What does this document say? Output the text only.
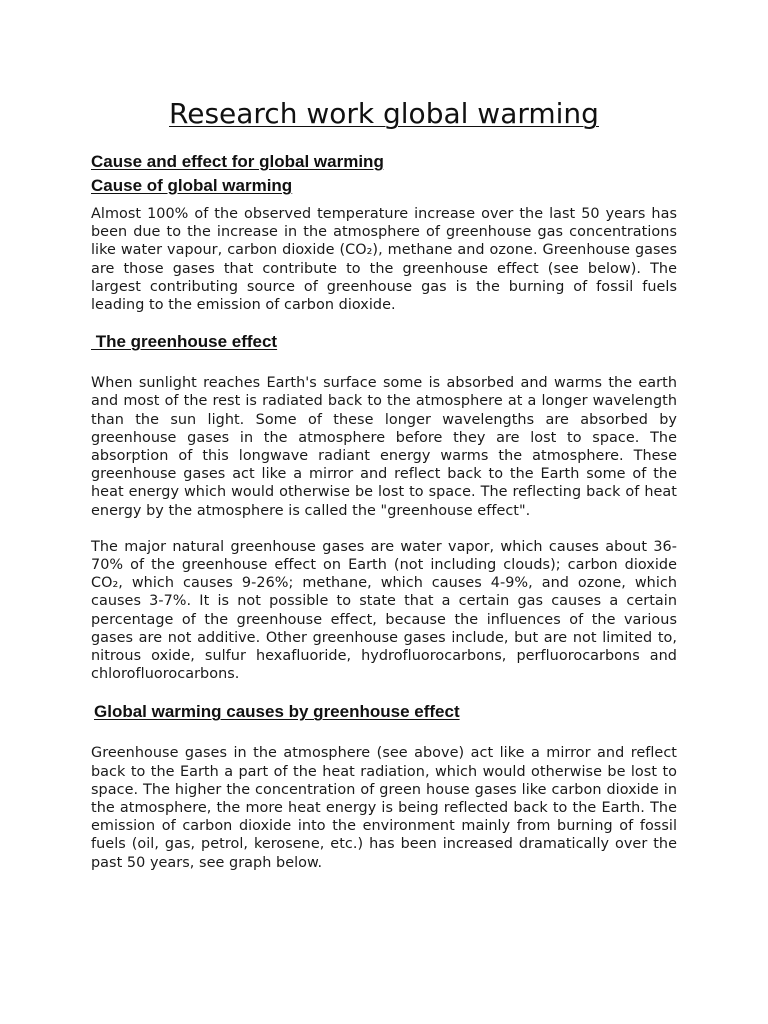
Research work global warming

Cause and effect for global warming

Cause of global warming

Almost 100% of the observed temperature increase over the last 50 years has been due to the increase in the atmosphere of greenhouse gas concentrations like water vapour, carbon dioxide (CO₂), methane and ozone. Greenhouse gases are those gases that contribute to the greenhouse effect (see below). The largest contributing source of greenhouse gas is the burning of fossil fuels leading to the emission of carbon dioxide.

The greenhouse effect

When sunlight reaches Earth's surface some is absorbed and warms the earth and most of the rest is radiated back to the atmosphere at a longer wavelength than the sun light. Some of these longer wavelengths are absorbed by greenhouse gases in the atmosphere before they are lost to space. The absorption of this longwave radiant energy warms the atmosphere. These greenhouse gases act like a mirror and reflect back to the Earth some of the heat energy which would otherwise be lost to space. The reflecting back of heat energy by the atmosphere is called the "greenhouse effect".

The major natural greenhouse gases are water vapor, which causes about 36-70% of the greenhouse effect on Earth (not including clouds); carbon dioxide CO₂, which causes 9-26%; methane, which causes 4-9%, and ozone, which causes 3-7%. It is not possible to state that a certain gas causes a certain percentage of the greenhouse effect, because the influences of the various gases are not additive. Other greenhouse gases include, but are not limited to, nitrous oxide, sulfur hexafluoride, hydrofluorocarbons, perfluorocarbons and chlorofluorocarbons.

Global warming causes by greenhouse effect

Greenhouse gases in the atmosphere (see above) act like a mirror and reflect back to the Earth a part of the heat radiation, which would otherwise be lost to space. The higher the concentration of green house gases like carbon dioxide in the atmosphere, the more heat energy is being reflected back to the Earth. The emission of carbon dioxide into the environment mainly from burning of fossil fuels (oil, gas, petrol, kerosene, etc.) has been increased dramatically over the past 50 years, see graph below.
